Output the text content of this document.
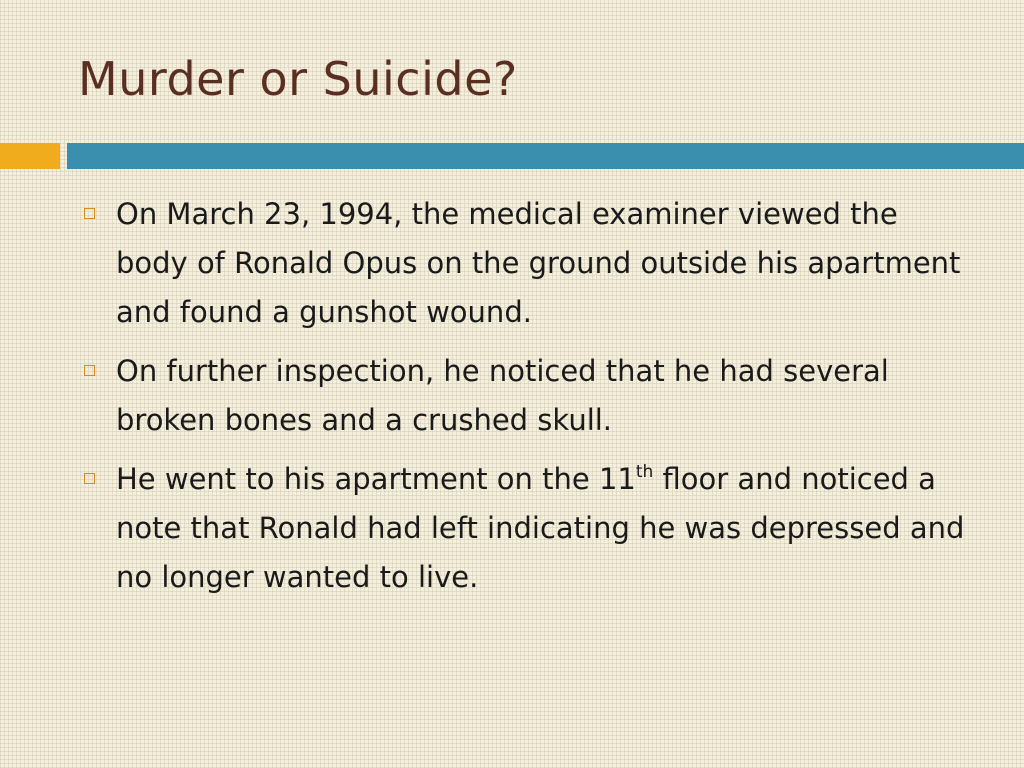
Murder or Suicide?
On March 23, 1994, the medical examiner viewed the body of Ronald Opus on the ground outside his apartment and found a gunshot wound.
On further inspection, he noticed that he had several broken bones and a crushed skull.
He went to his apartment on the 11th floor and noticed a note that Ronald had left indicating he was depressed and no longer wanted to live.
